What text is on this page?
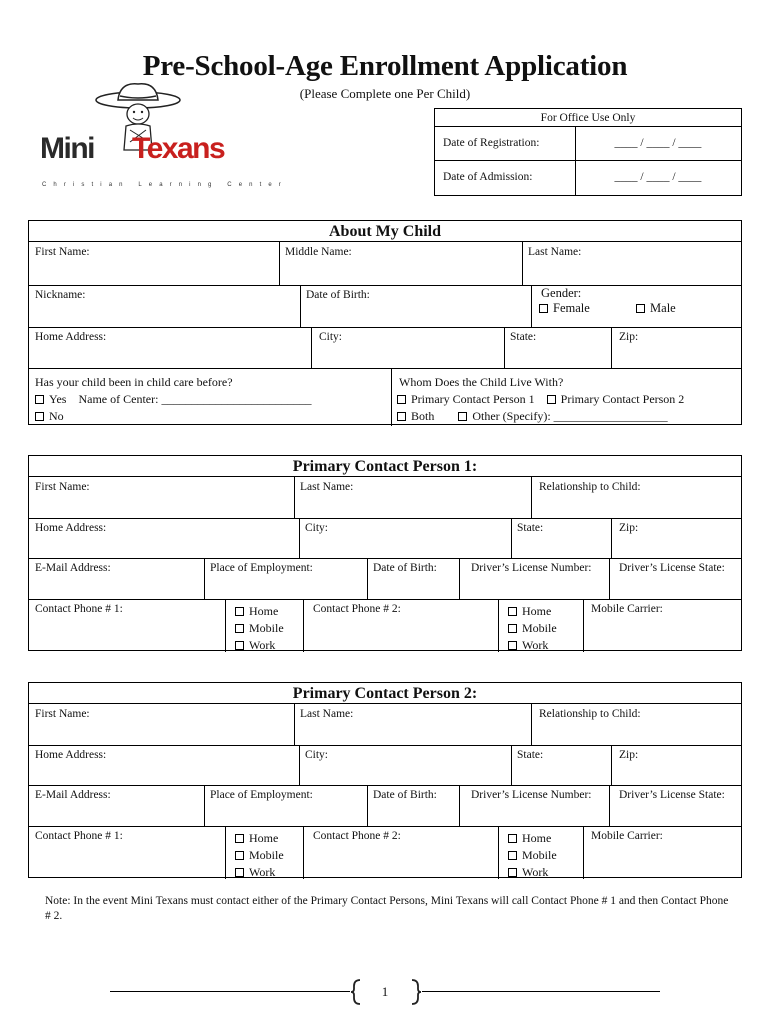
Pre-School-Age Enrollment Application
(Please Complete one Per Child)
Mini Texans
Christian Learning Center
For Office Use Only
Date of Registration:	____ / ____ / ____
Date of Admission:	____ / ____ / ____
About My Child
First Name:	Middle Name:	Last Name:
Nickname:	Date of Birth:	Gender:
Female	Male
Home Address:	City:	State:	Zip:
Has your child been in child care before?
Yes Name of Center: _________________________
No
Whom Does the Child Live With?
Primary Contact Person 1 Primary Contact Person 2
Both	Other (Specify): ___________________
Primary Contact Person 1:
First Name:	Last Name:	Relationship to Child:
Home Address:	City:	State:	Zip:
E-Mail Address:	Place of Employment:	Date of Birth:	Driver’s License Number:	Driver’s License State:
Contact Phone # 1:	Home
Mobile
Work
Contact Phone # 2:	Home
Mobile
Work
Mobile Carrier:
Primary Contact Person 2:
First Name:	Last Name:	Relationship to Child:
Home Address:	City:	State:	Zip:
E-Mail Address:	Place of Employment:	Date of Birth:	Driver’s License Number:	Driver’s License State:
Contact Phone # 1:	Home
Mobile
Work
Contact Phone # 2:	Home
Mobile
Work
Mobile Carrier:
Note: In the event Mini Texans must contact either of the Primary Contact Persons, Mini Texans will call Contact Phone # 1 and then Contact Phone # 2.
1
